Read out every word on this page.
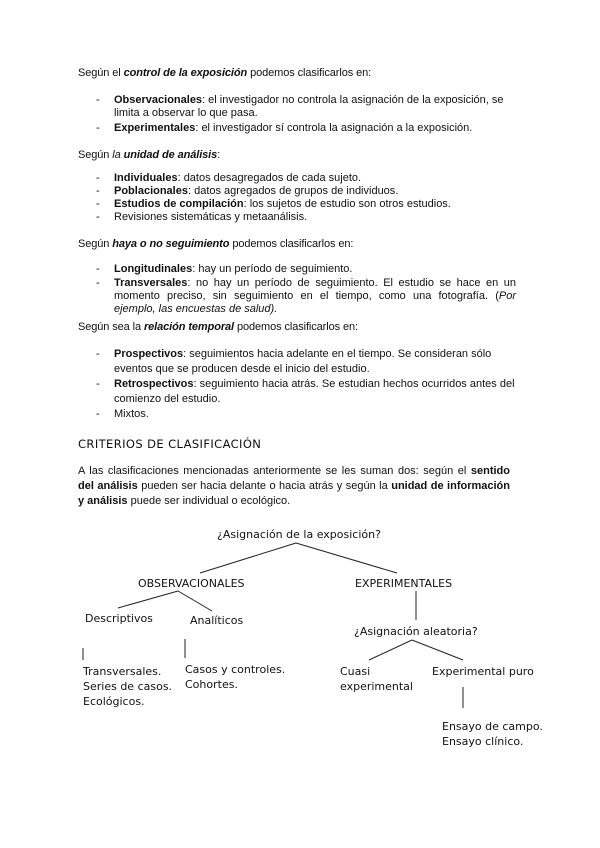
Según el control de la exposición podemos clasificarlos en:
- Observacionales: el investigador no controla la asignación de la exposición, se limita a observar lo que pasa.
- Experimentales: el investigador sí controla la asignación a la exposición.
Según la unidad de análisis:
- Individuales: datos desagregados de cada sujeto.
- Poblacionales: datos agregados de grupos de individuos.
- Estudios de compilación: los sujetos de estudio son otros estudios.
- Revisiones sistemáticas y metaanálisis.
Según haya o no seguimiento podemos clasificarlos en:
- Longitudinales: hay un período de seguimiento.
- Transversales: no hay un período de seguimiento. El estudio se hace en un momento preciso, sin seguimiento en el tiempo, como una fotografía. (Por ejemplo, las encuestas de salud).
Según sea la relación temporal podemos clasificarlos en:
- Prospectivos: seguimientos hacia adelante en el tiempo. Se consideran sólo eventos que se producen desde el inicio del estudio.
- Retrospectivos: seguimiento hacia atrás. Se estudian hechos ocurridos antes del comienzo del estudio.
- Mixtos.
CRITERIOS DE CLASIFICACIÓN
A las clasificaciones mencionadas anteriormente se les suman dos: según el sentido del análisis pueden ser hacia delante o hacia atrás y según la unidad de información y análisis puede ser individual o ecológico.
¿Asignación de la exposición?
OBSERVACIONALES	EXPERIMENTALES
Descriptivos	Analíticos
¿Asignación aleatoria?
Transversales.
Series de casos.
Ecológicos.
Casos y controles.
Cohortes.
Cuasi
experimental
Experimental puro
Ensayo de campo.
Ensayo clínico.
